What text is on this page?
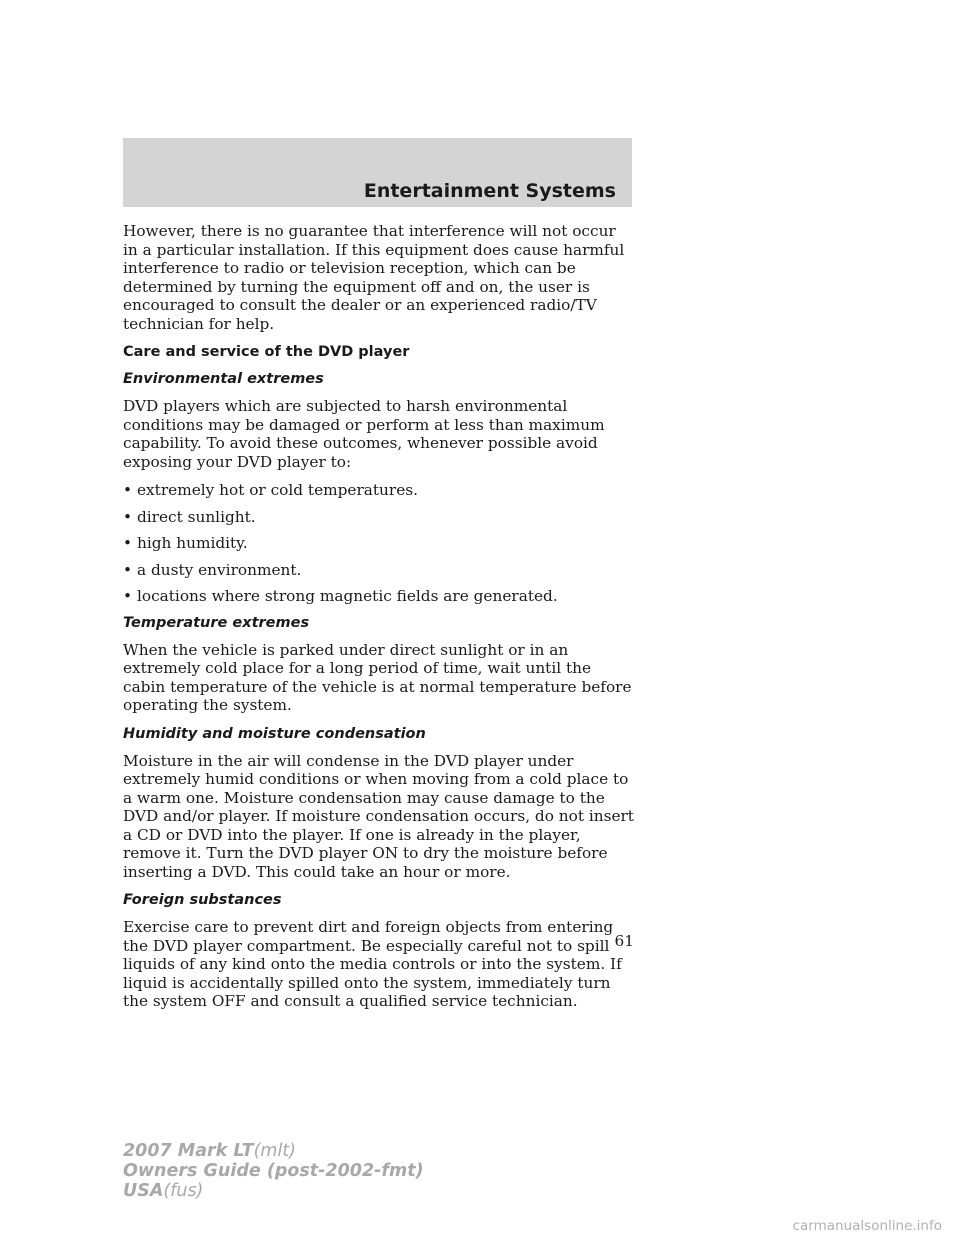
Entertainment Systems

However, there is no guarantee that interference will not occur in a particular installation. If this equipment does cause harmful interference to radio or television reception, which can be determined by turning the equipment off and on, the user is encouraged to consult the dealer or an experienced radio/TV technician for help.

Care and service of the DVD player
Environmental extremes

DVD players which are subjected to harsh environmental conditions may be damaged or perform at less than maximum capability. To avoid these outcomes, whenever possible avoid exposing your DVD player to:

• extremely hot or cold temperatures.
• direct sunlight.
• high humidity.
• a dusty environment.
• locations where strong magnetic fields are generated.
Temperature extremes

When the vehicle is parked under direct sunlight or in an extremely cold place for a long period of time, wait until the cabin temperature of the vehicle is at normal temperature before operating the system.

Humidity and moisture condensation

Moisture in the air will condense in the DVD player under extremely humid conditions or when moving from a cold place to a warm one. Moisture condensation may cause damage to the DVD and/or player. If moisture condensation occurs, do not insert a CD or DVD into the player. If one is already in the player, remove it. Turn the DVD player ON to dry the moisture before inserting a DVD. This could take an hour or more.

Foreign substances

Exercise care to prevent dirt and foreign objects from entering the DVD player compartment. Be especially careful not to spill liquids of any kind onto the media controls or into the system. If liquid is accidentally spilled onto the system, immediately turn the system OFF and consult a qualified service technician.

61
2007 Mark LT(mlt)
Owners Guide (post-2002-fmt)
USA(fus)
carmanualsonline.info
